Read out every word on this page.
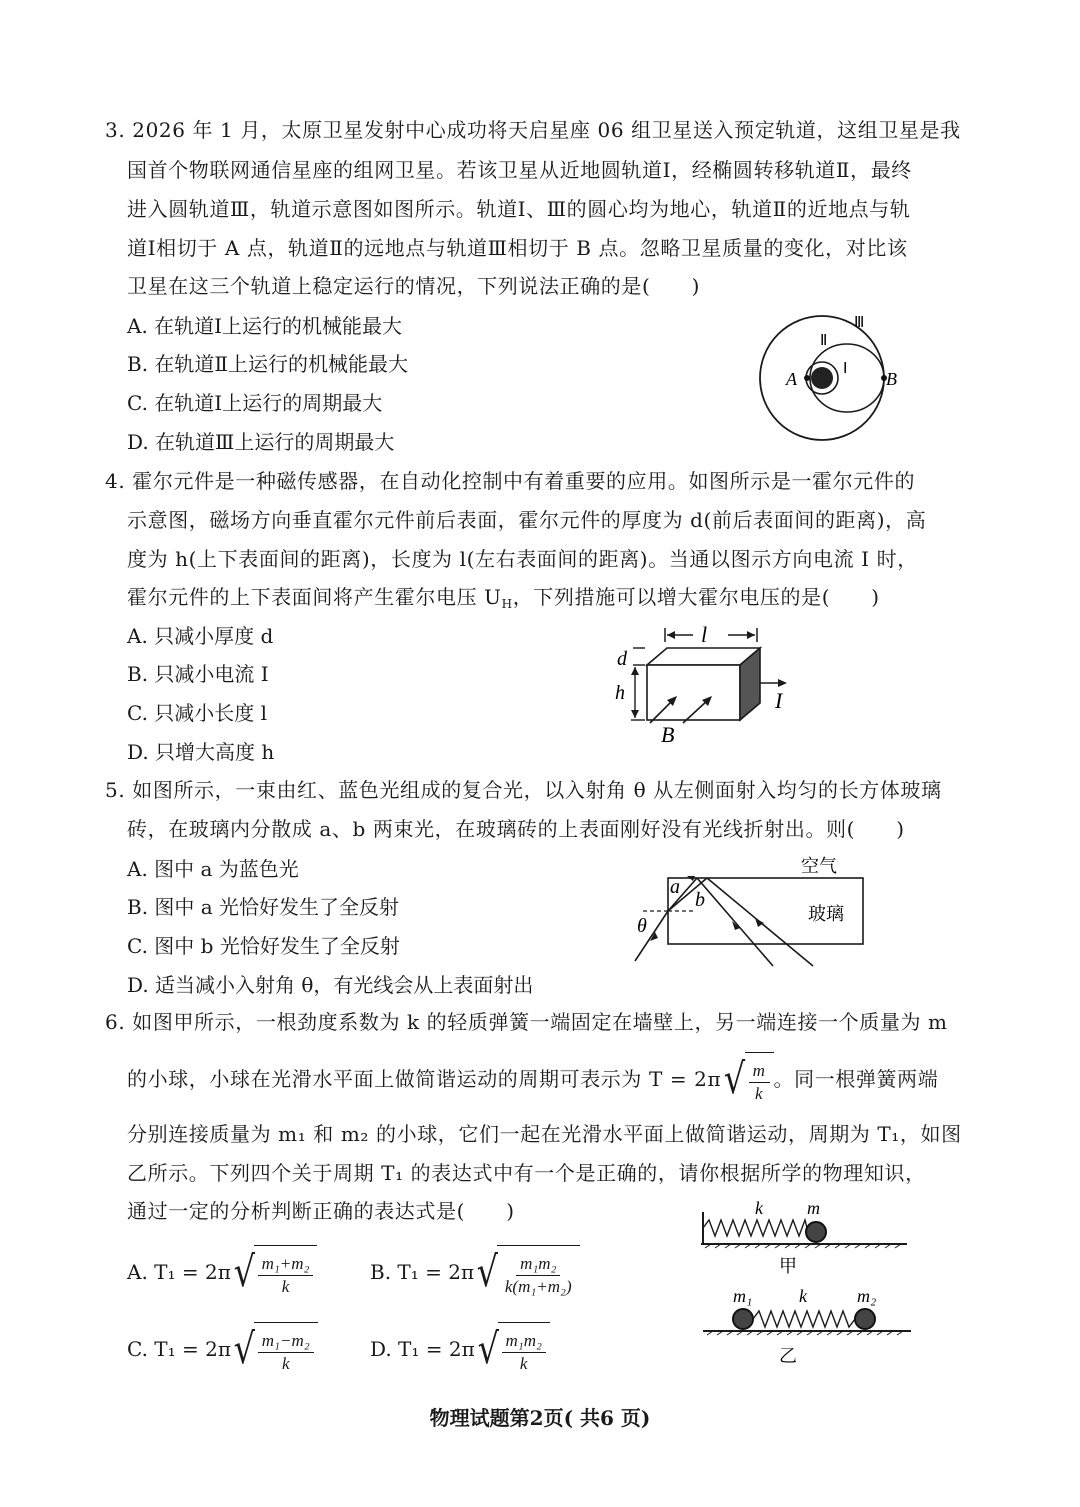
3. 2026 年 1 月，太原卫星发射中心成功将天启星座 06 组卫星送入预定轨道，这组卫星是我
国首个物联网通信星座的组网卫星。若该卫星从近地圆轨道Ⅰ，经椭圆转移轨道Ⅱ，最终
进入圆轨道Ⅲ，轨道示意图如图所示。轨道Ⅰ、Ⅲ的圆心均为地心，轨道Ⅱ的近地点与轨
道Ⅰ相切于 A 点，轨道Ⅱ的远地点与轨道Ⅲ相切于 B 点。忽略卫星质量的变化，对比该
卫星在这三个轨道上稳定运行的情况，下列说法正确的是(　　)
A. 在轨道Ⅰ上运行的机械能最大
B. 在轨道Ⅱ上运行的机械能最大
C. 在轨道Ⅰ上运行的周期最大
D. 在轨道Ⅲ上运行的周期最大
A	B
Ⅰ
Ⅱ
Ⅲ
4. 霍尔元件是一种磁传感器，在自动化控制中有着重要的应用。如图所示是一霍尔元件的
示意图，磁场方向垂直霍尔元件前后表面，霍尔元件的厚度为 d(前后表面间的距离)，高
度为 h(上下表面间的距离)，长度为 l(左右表面间的距离)。当通以图示方向电流 I 时，
霍尔元件的上下表面间将产生霍尔电压 $U_H$，下列措施可以增大霍尔电压的是(　　)
A. 只减小厚度 d
B. 只减小电流 I
C. 只减小长度 l
D. 只增大高度 h
l
d
h	I
B
5. 如图所示，一束由红、蓝色光组成的复合光，以入射角 θ 从左侧面射入均匀的长方体玻璃
砖，在玻璃内分散成 a、b 两束光，在玻璃砖的上表面刚好没有光线折射出。则(　　)
A. 图中 a 为蓝色光
B. 图中 a 光恰好发生了全反射
C. 图中 b 光恰好发生了全反射
D. 适当减小入射角 θ，有光线会从上表面射出
空气
玻璃
θ
a
b
6. 如图甲所示，一根劲度系数为 k 的轻质弹簧一端固定在墙壁上，另一端连接一个质量为 m
的小球，小球在光滑水平面上做简谐运动的周期可表示为 T = 2π √ $\frac{m}{k}$ 。同一根弹簧两端
分别连接质量为 m₁ 和 m₂ 的小球，它们一起在光滑水平面上做简谐运动，周期为 T₁，如图
乙所示。下列四个关于周期 T₁ 的表达式中有一个是正确的，请你根据所学的物理知识，
通过一定的分析判断正确的表达式是(　　)
A. T₁ = 2π √ $\frac{\text{m₁+m₂}}{k}$	B. T₁ = 2π √ $\frac{\text{m₁m₂}}{\text{k(m₁+m₂)}}$
C. T₁ = 2π √ $\frac{\text{m₁−m₂}}{k}$	D. T₁ = 2π √ $\frac{\text{m₁m₂}}{k}$
k m
甲
m₁	k	m₂
乙
物理试题第2页( 共6 页)
